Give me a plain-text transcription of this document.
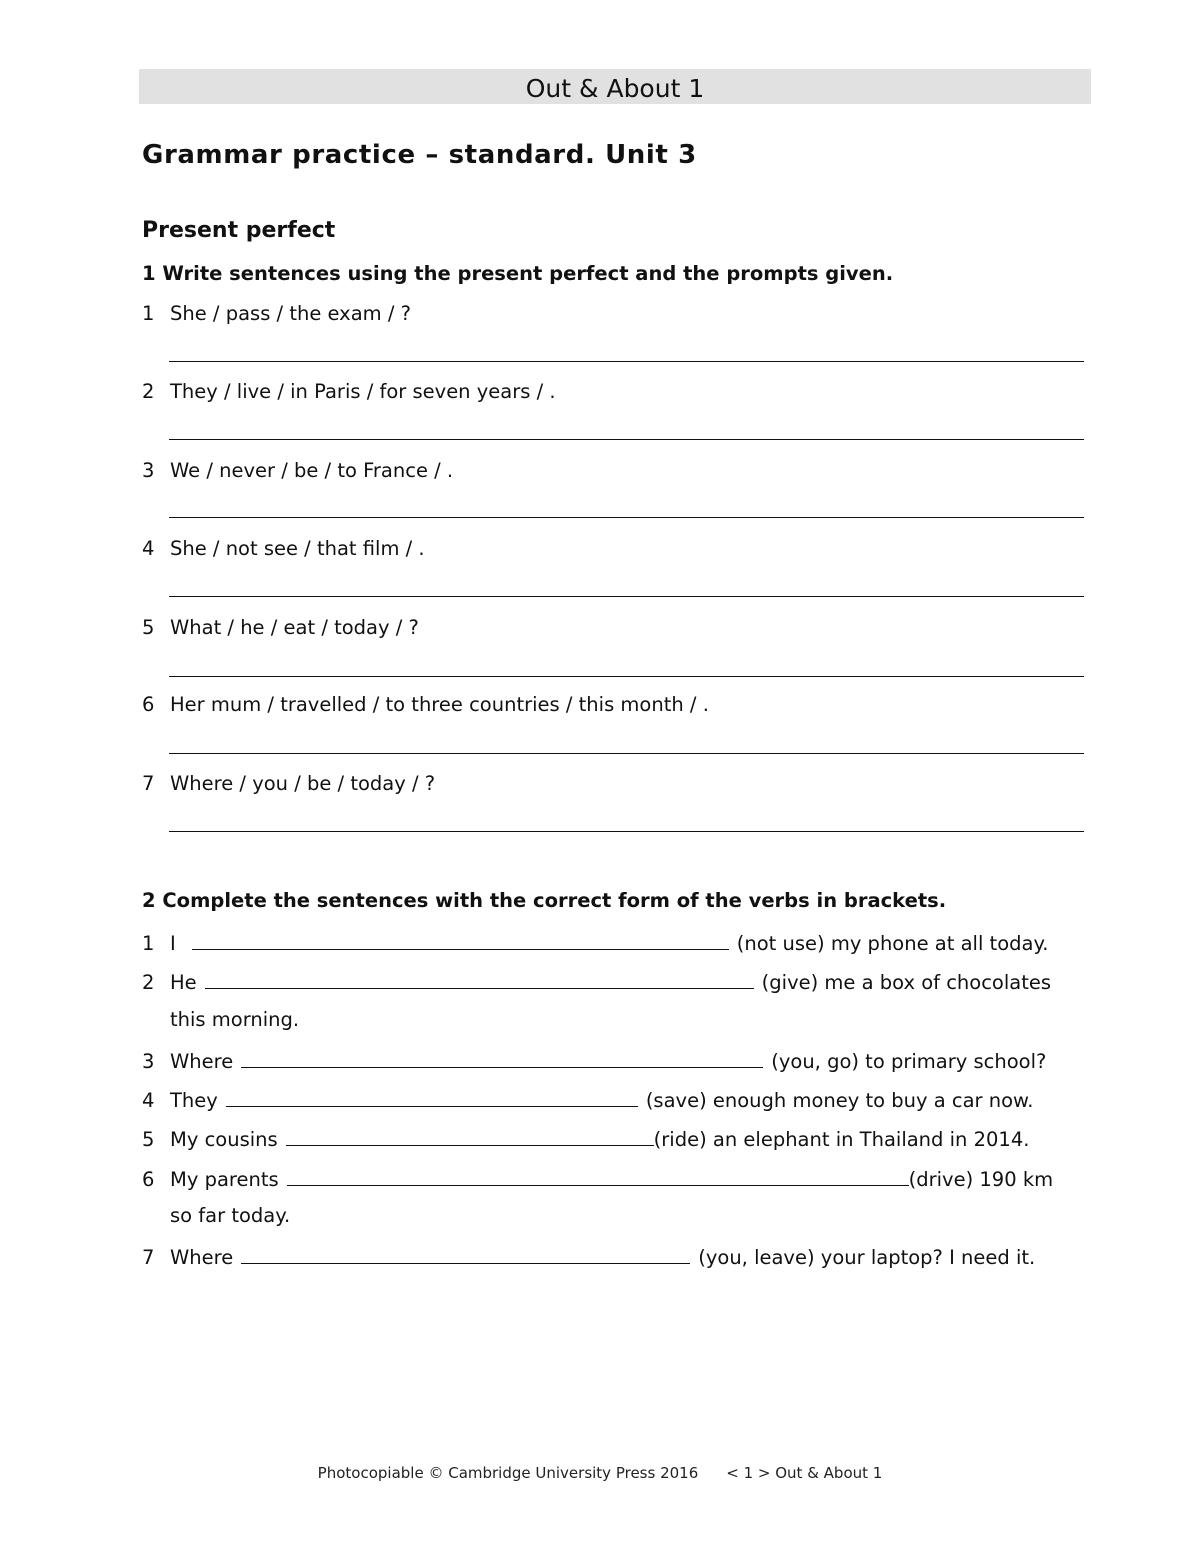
Out & About 1
Grammar practice – standard. Unit 3
Present perfect

1 Write sentences using the present perfect and the prompts given.

1 She / pass / the exam / ?
2 They / live / in Paris / for seven years / .
3 We / never / be / to France / .
4 She / not see / that film / .
5 What / he / eat / today / ?
6 Her mum / travelled / to three countries / this month / .
7 Where / you / be / today / ?

2 Complete the sentences with the correct form of the verbs in brackets.

1 I	(not use) my phone at all today.
2 He	(give) me a box of chocolates
this morning.
3 Where	(you, go) to primary school?
4 They	(save) enough money to buy a car now.
5 My cousins	(ride) an elephant in Thailand in 2014.
6 My parents	(drive) 190 km
so far today.
7 Where	(you, leave) your laptop? I need it.
Photocopiable © Cambridge University Press 2016 < 1 > Out & About 1
